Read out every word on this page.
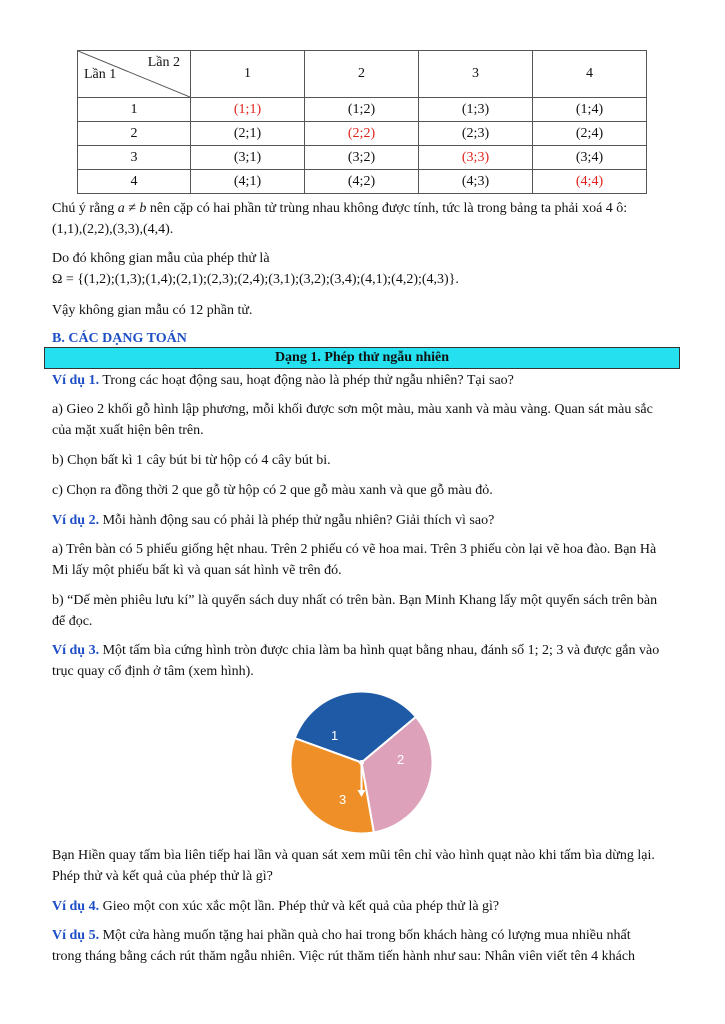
Lần 2
Lần 1	1	2	3	4
1	(1;1)	(1;2)	(1;3)	(1;4)
2	(2;1)	(2;2)	(2;3)	(2;4)
3	(3;1)	(3;2)	(3;3)	(3;4)
4	(4;1)	(4;2)	(4;3)	(4;4)

Chú ý rằng a ≠ b nên cặp có hai phần tử trùng nhau không được tính, tức là trong bảng ta phải xoá 4 ô:

(1,1),(2,2),(3,3),(4,4).

Do đó không gian mẫu của phép thử là

Ω = {(1,2);(1,3);(1,4);(2,1);(2,3);(2,4);(3,1);(3,2);(3,4);(4,1);(4,2);(4,3)}.

Vậy không gian mẫu có 12 phần tử.
B. CÁC DẠNG TOÁN
Dạng 1. Phép thử ngẫu nhiên

Ví dụ 1. Trong các hoạt động sau, hoạt động nào là phép thử ngẫu nhiên? Tại sao?

a) Gieo 2 khối gỗ hình lập phương, mỗi khối được sơn một màu, màu xanh và màu vàng. Quan sát màu sắc của mặt xuất hiện bên trên.
b) Chọn bất kì 1 cây bút bi từ hộp có 4 cây bút bi.
c) Chọn ra đồng thời 2 que gỗ từ hộp có 2 que gỗ màu xanh và que gỗ màu đỏ.

Ví dụ 2. Mỗi hành động sau có phải là phép thử ngẫu nhiên? Giải thích vì sao?

a) Trên bàn có 5 phiếu giống hệt nhau. Trên 2 phiếu có vẽ hoa mai. Trên 3 phiếu còn lại vẽ hoa đào. Bạn Hà Mi lấy một phiếu bất kì và quan sát hình vẽ trên đó.
b) “Dế mèn phiêu lưu kí” là quyển sách duy nhất có trên bàn. Bạn Minh Khang lấy một quyển sách trên bàn để đọc.

Ví dụ 3. Một tấm bìa cứng hình tròn được chia làm ba hình quạt bằng nhau, đánh số 1; 2; 3 và được gắn vào trục quay cố định ở tâm (xem hình).

1
2
3
Bạn Hiền quay tấm bìa liên tiếp hai lần và quan sát xem mũi tên chỉ vào hình quạt nào khi tấm bìa dừng lại. Phép thử và kết quả của phép thử là gì?

Ví dụ 4. Gieo một con xúc xắc một lần. Phép thử và kết quả của phép thử là gì?

Ví dụ 5. Một cửa hàng muốn tặng hai phần quà cho hai trong bốn khách hàng có lượng mua nhiều nhất trong tháng bằng cách rút thăm ngẫu nhiên. Việc rút thăm tiến hành như sau: Nhân viên viết tên 4 khách
